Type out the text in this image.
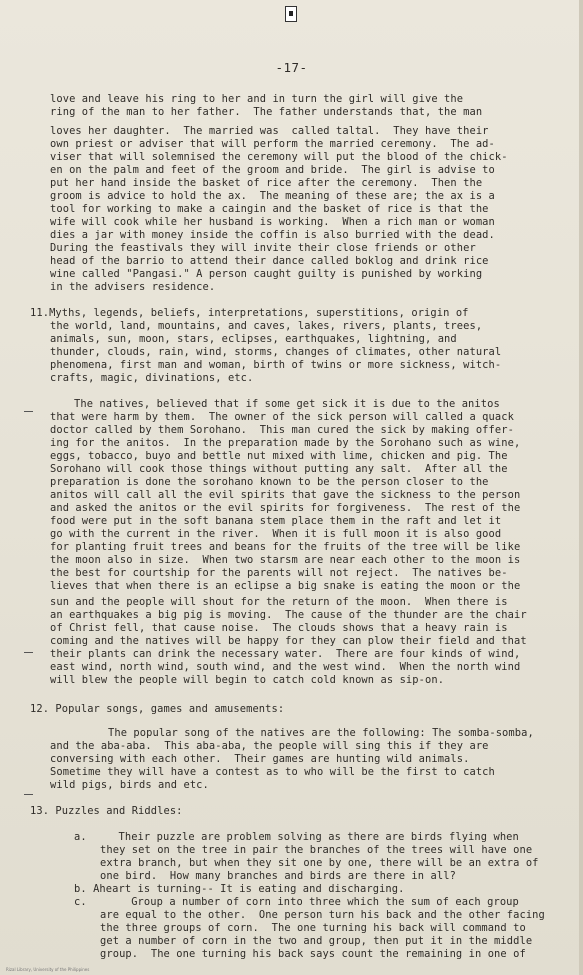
-17-
love and leave his ring to her and in turn the girl will give the
ring of the man to her father.  The father understands that, the man
loves her daughter.  The married was  called taltal.  They have their
own priest or adviser that will perform the married ceremony.  The ad-
viser that will solemnised the ceremony will put the blood of the chick-
en on the palm and feet of the groom and bride.  The girl is advise to
put her hand inside the basket of rice after the ceremony.  Then the
groom is advice to hold the ax.  The meaning of these are; the ax is a
tool for working to make a caingin and the basket of rice is that the
wife will cook while her husband is working.  When a rich man or woman
dies a jar with money inside the coffin is also burried with the dead.
During the feastivals they will invite their close friends or other
head of the barrio to attend their dance called boklog and drink rice
wine called "Pangasi." A person caught guilty is punished by working
in the advisers residence.
11.Myths, legends, beliefs, interpretations, superstitions, origin of
the world, land, mountains, and caves, lakes, rivers, plants, trees,
animals, sun, moon, stars, eclipses, earthquakes, lightning, and
thunder, clouds, rain, wind, storms, changes of climates, other natural
phenomena, first man and woman, birth of twins or more sickness, witch-
crafts, magic, divinations, etc.
The natives, believed that if some get sick it is due to the anitos
that were harm by them.  The owner of the sick person will called a quack
doctor called by them Sorohano.  This man cured the sick by making offer-
ing for the anitos.  In the preparation made by the Sorohano such as wine,
eggs, tobacco, buyo and bettle nut mixed with lime, chicken and pig. The
Sorohano will cook those things without putting any salt.  After all the
preparation is done the sorohano known to be the person closer to the
anitos will call all the evil spirits that gave the sickness to the person
and asked the anitos or the evil spirits for forgiveness.  The rest of the
food were put in the soft banana stem place them in the raft and let it
go with the current in the river.  When it is full moon it is also good
for planting fruit trees and beans for the fruits of the tree will be like
the moon also in size.  When two starsm are near each other to the moon is
the best for courtship for the parents will not reject.  The natives be-
lieves that when there is an eclipse a big snake is eating the moon or the
sun and the people will shout for the return of the moon.  When there is
an earthquakes a big pig is moving.  The cause of the thunder are the chair
of Christ fell, that cause noise.  The clouds shows that a heavy rain is
coming and the natives will be happy for they can plow their field and that
their plants can drink the necessary water.  There are four kinds of wind,
east wind, north wind, south wind, and the west wind.  When the north wind
will blew the people will begin to catch cold known as sip-on.
12. Popular songs, games and amusements:
The popular song of the natives are the following: The somba-somba,
and the aba-aba.  This aba-aba, the people will sing this if they are
conversing with each other.  Their games are hunting wild animals.
Sometime they will have a contest as to who will be the first to catch
wild pigs, birds and etc.
13. Puzzles and Riddles:
a.     Their puzzle are problem solving as there are birds flying when
they set on the tree in pair the branches of the trees will have one
extra branch, but when they sit one by one, there will be an extra of
one bird.  How many branches and birds are there in all?
b. Aheart is turning-- It is eating and discharging.
c.       Group a number of corn into three which the sum of each group
are equal to the other.  One person turn his back and the other facing
the three groups of corn.  The one turning his back will command to
get a number of corn in the two and group, then put it in the middle
group.  The one turning his back says count the remaining in one of
Rizal Library, University of the Philippines
